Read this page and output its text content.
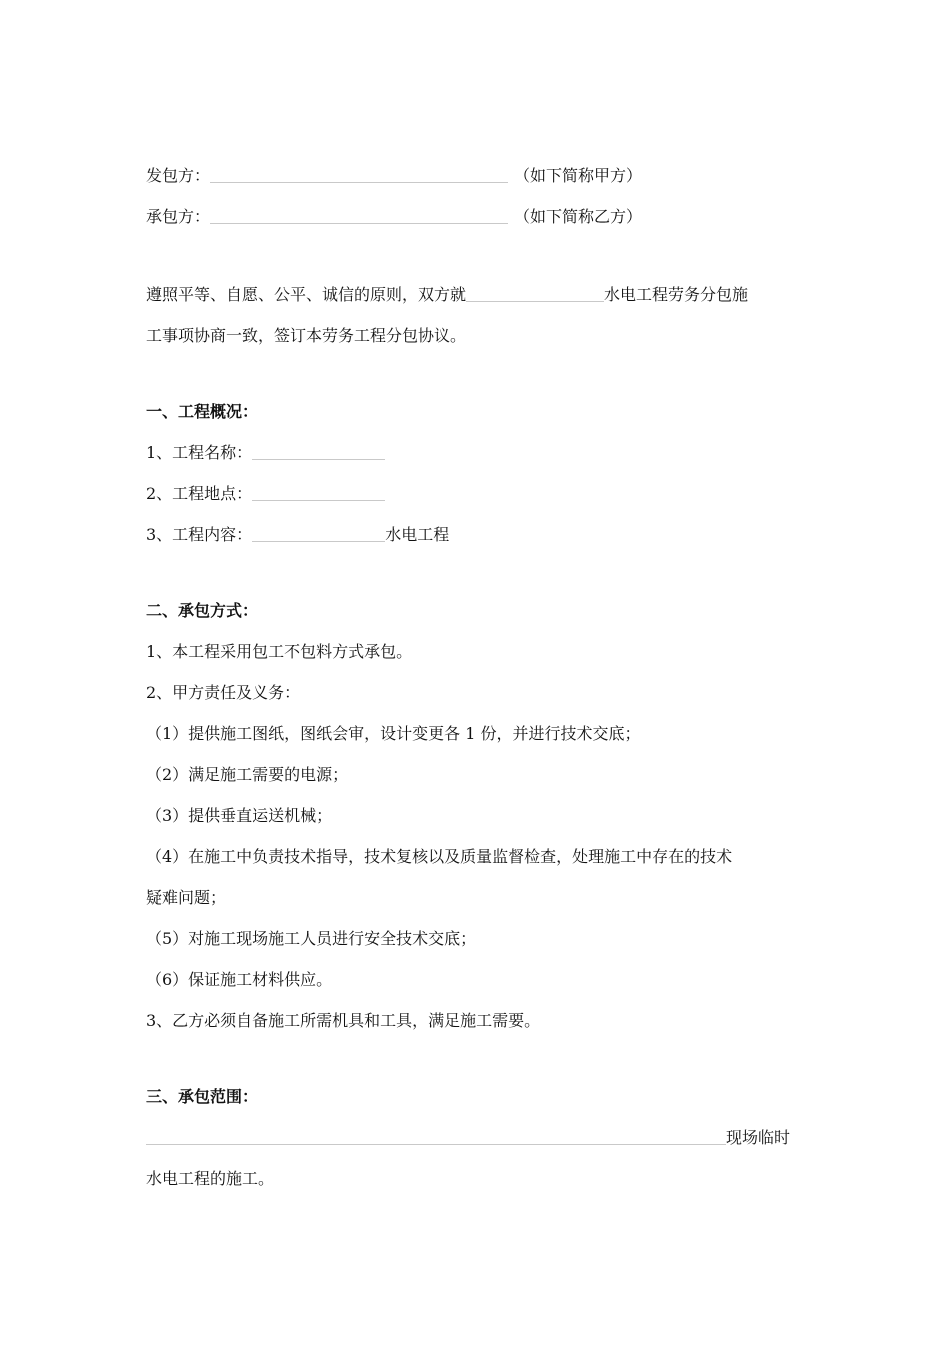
发包方：	（如下简称甲方）
承包方：	（如下简称乙方）
遵照平等、自愿、公平、诚信的原则，双方就	水电工程劳务分包施
工事项协商一致，签订本劳务工程分包协议。
一、工程概况：
1、工程名称：
2、工程地点：
3、工程内容：	水电工程
二、承包方式：
1、本工程采用包工不包料方式承包。
2、甲方责任及义务：
（1）提供施工图纸，图纸会审，设计变更各 1 份，并进行技术交底；
（2）满足施工需要的电源；
（3）提供垂直运送机械；
（4）在施工中负责技术指导，技术复核以及质量监督检查，处理施工中存在的技术
疑难问题；
（5）对施工现场施工人员进行安全技术交底；
（6）保证施工材料供应。
3、乙方必须自备施工所需机具和工具，满足施工需要。
三、承包范围：
现场临时
水电工程的施工。
